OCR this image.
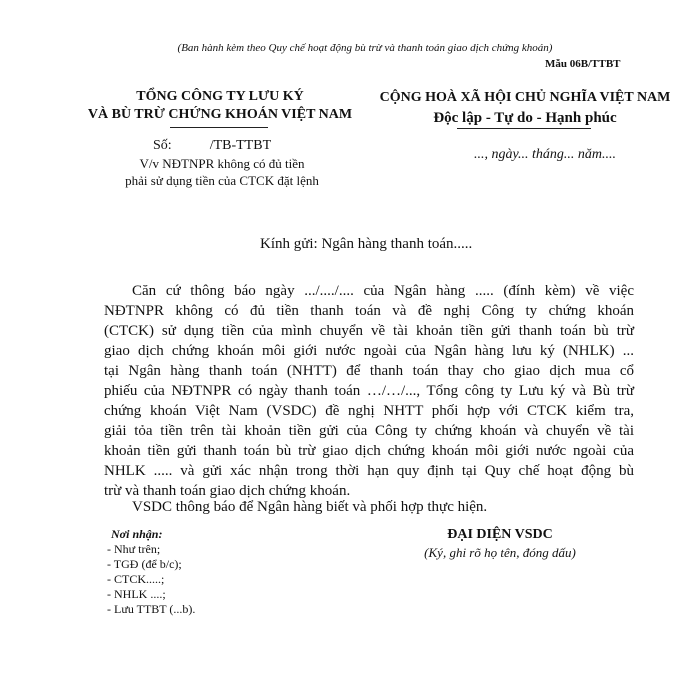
(Ban hành kèm theo Quy chế hoạt động bù trừ và thanh toán giao dịch chứng khoán)
Mẫu 06B/TTBT
TỔNG CÔNG TY LƯU KÝ
VÀ BÙ TRỪ CHỨNG KHOÁN VIỆT NAM
CỘNG HOÀ XÃ HỘI CHỦ NGHĨA VIỆT NAM
Độc lập - Tự do - Hạnh phúc
Số:	/TB-TTBT
V/v NĐTNPR không có đủ tiền
phải sử dụng tiền của CTCK đặt lệnh
..., ngày... tháng... năm....
Kính gửi: Ngân hàng thanh toán.....
Căn cứ thông báo ngày .../..../.... của Ngân hàng ..... (đính kèm) về việc
NĐTNPR không có đủ tiền thanh toán và đề nghị Công ty chứng khoán
(CTCK) sử dụng tiền của mình chuyển về tài khoản tiền gửi thanh toán bù trừ
giao dịch chứng khoán môi giới nước ngoài của Ngân hàng lưu ký (NHLK) ...
tại Ngân hàng thanh toán (NHTT) để thanh toán thay cho giao dịch mua cổ
phiếu của NĐTNPR có ngày thanh toán …/…/..., Tổng công ty Lưu ký và Bù trừ
chứng khoán Việt Nam (VSDC) đề nghị NHTT phối hợp với CTCK kiểm tra,
giải tỏa tiền trên tài khoản tiền gửi của Công ty chứng khoán và chuyển về tài
khoản tiền gửi thanh toán bù trừ giao dịch chứng khoán môi giới nước ngoài của
NHLK ..... và gửi xác nhận trong thời hạn quy định tại Quy chế hoạt động bù
trừ và thanh toán giao dịch chứng khoán.
VSDC thông báo để Ngân hàng biết và phối hợp thực hiện.
Nơi nhận:
- Như trên;
- TGĐ (để b/c);
- CTCK.....;
- NHLK ....;
- Lưu TTBT (...b).
ĐẠI DIỆN VSDC
(Ký, ghi rõ họ tên, đóng dấu)
